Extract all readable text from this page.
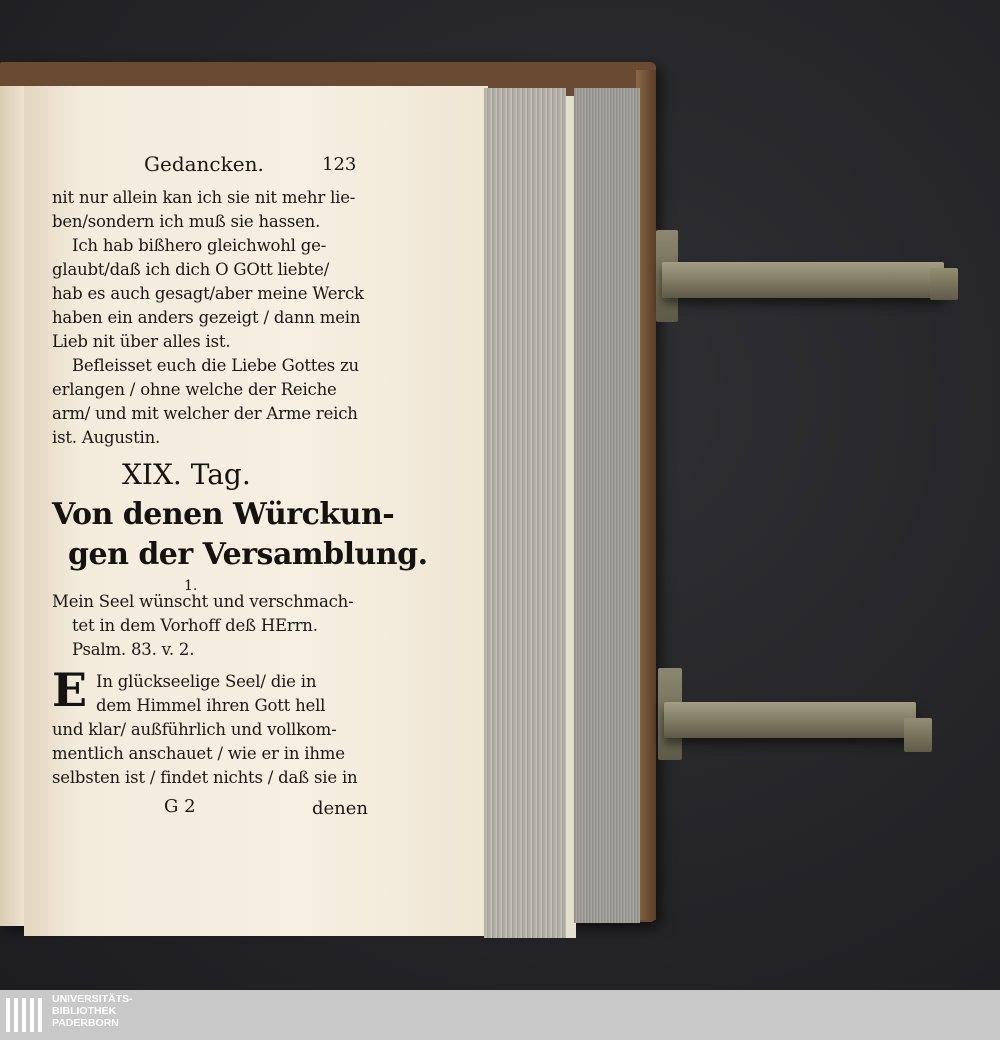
Gedancken.	123
nit nur allein kan ich sie nit mehr lie-
ben/sondern ich muß sie hassen.
Ich hab bißhero gleichwohl ge-
glaubt/daß ich dich O GOtt liebte/
hab es auch gesagt/aber meine Werck
haben ein anders gezeigt / dann mein
Lieb nit über alles ist.
Befleisset euch die Liebe Gottes zu
erlangen / ohne welche der Reiche
arm/ und mit welcher der Arme reich
ist. Augustin.
XIX. Tag.
Von denen Würckun-
gen der Versamblung.
1.
Mein Seel wünscht und verschmach-
tet in dem Vorhoff deß HErrn.
Psalm. 83. v. 2.
E In glückseelige Seel/ die in
dem Himmel ihren Gott hell
und klar/ außführlich und vollkom-
mentlich anschauet / wie er in ihme
selbsten ist / findet nichts / daß sie in
G 2	denen
UNIVERSITÄTS-
BIBLIOTHEK
PADERBORN
